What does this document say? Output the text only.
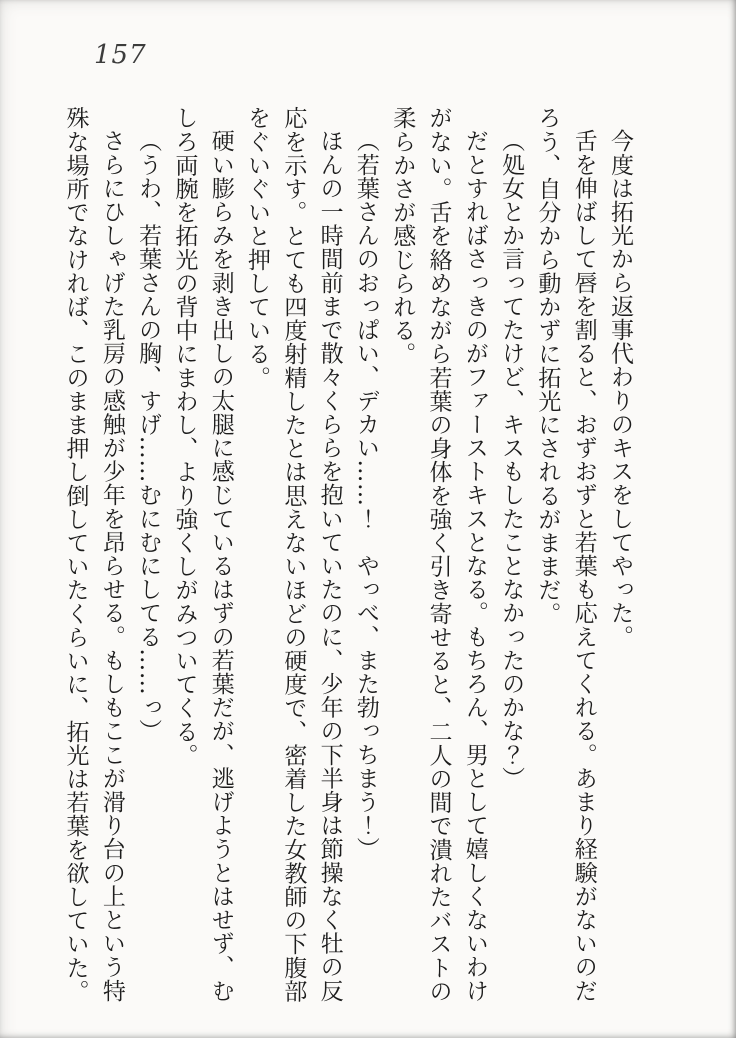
157

今度は拓光から返事代わりのキスをしてやった。

舌を伸ばして唇を割ると、おずおずと若葉も応えてくれる。あまり経験がないのだろう、自分から動かずに拓光にされるがままだ。

（処女とか言ってたけど、キスもしたことなかったのかな？）

だとすればさっきのがファーストキスとなる。もちろん、男として嬉しくないわけがない。舌を絡めながら若葉の身体を強く引き寄せると、二人の間で潰れたバストの柔らかさが感じられる。

（若葉さんのおっぱい、デカい……！　やっべ、また勃っちまう！）

ほんの一時間前まで散々くららを抱いていたのに、少年の下半身は節操なく牡の反応を示す。とても四度射精したとは思えないほどの硬度で、密着した女教師の下腹部をぐいぐいと押している。

硬い膨らみを剥き出しの太腿に感じているはずの若葉だが、逃げようとはせず、むしろ両腕を拓光の背中にまわし、より強くしがみついてくる。

（うわ、若葉さんの胸、すげ……むにむにしてる……っ）

さらにひしゃげた乳房の感触が少年を昂らせる。もしもここが滑り台の上という特殊な場所でなければ、このまま押し倒していたくらいに、拓光は若葉を欲していた。
